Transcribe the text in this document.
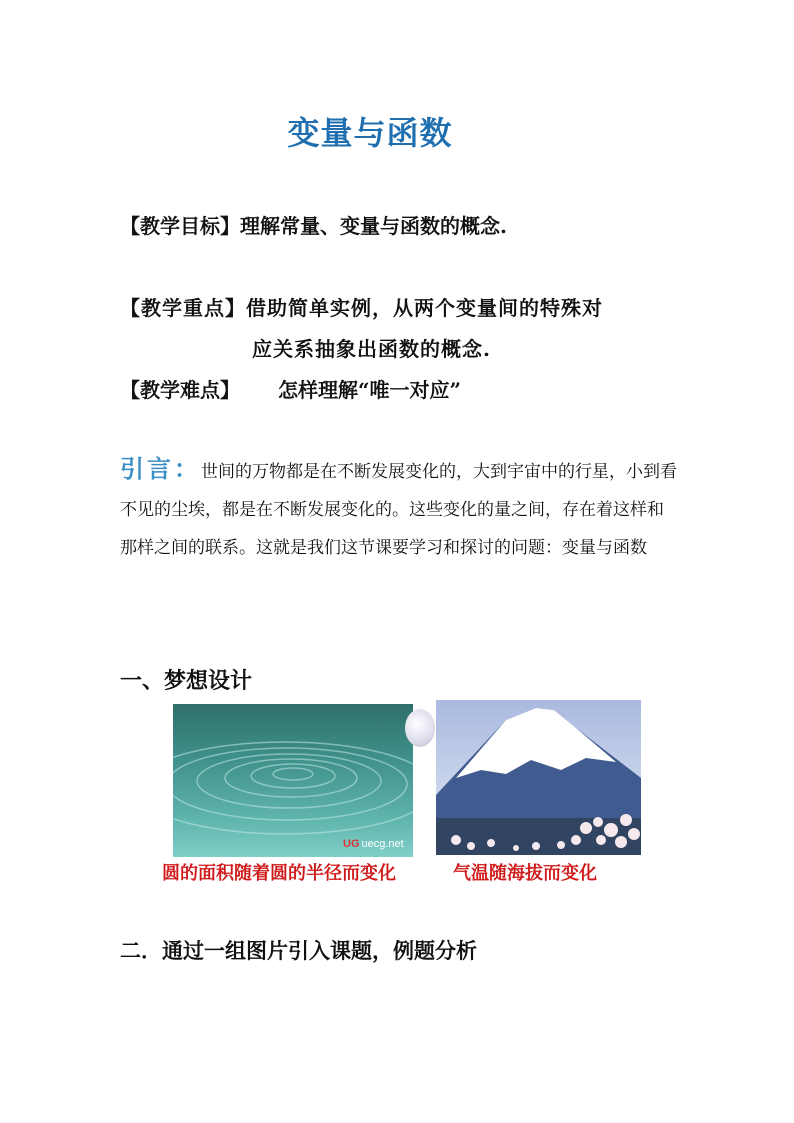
变量与函数
【教学目标】理解常量、变量与函数的概念.
【教学重点】借助简单实例，从两个变量间的特殊对
应关系抽象出函数的概念.
【教学难点】 怎样理解“唯一对应”
引言：世间的万物都是在不断发展变化的，大到宇宙中的行星，小到看不见的尘埃，都是在不断发展变化的。这些变化的量之间，存在着这样和那样之间的联系。这就是我们这节课要学习和探讨的问题：变量与函数
一、梦想设计
UG uecg.net
圆的面积随着圆的半径而变化	气温随海拔而变化
二．通过一组图片引入课题，例题分析
